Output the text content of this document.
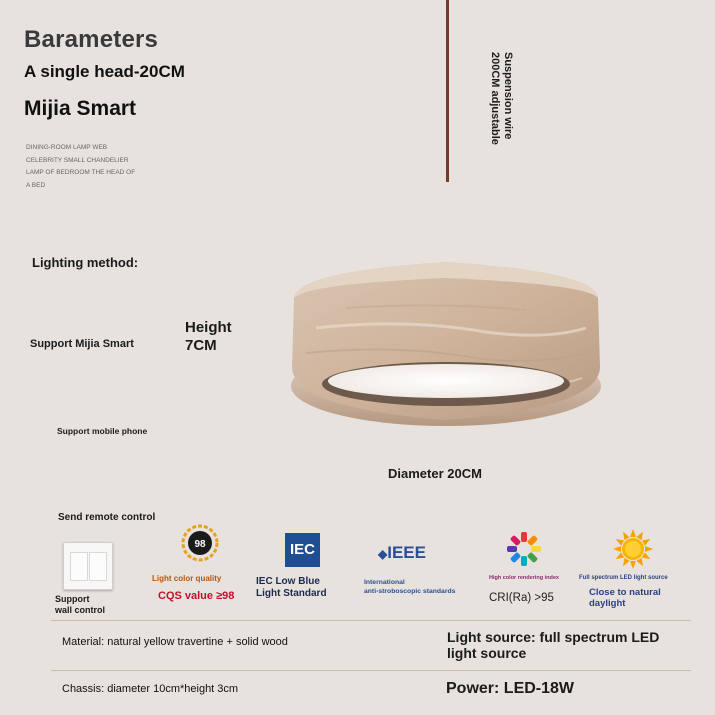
Barameters
A single head-20CM
Mijia Smart
DINING-ROOM LAMP WEB CELEBRITY SMALL CHANDELIER LAMP OF BEDROOM THE HEAD OF A BED
Suspension wire
200CM adjustable
Lighting method:
Support Mijia Smart
Height
7CM
Support mobile phone
Diameter 20CM
Send remote control
Support
wall control
98
Light color quality
CQS value ≥98
IEC
IEC Low Blue
Light Standard
◆IEEE
International
anti-stroboscopic standards
High color rendering index
CRI(Ra) >95
Full spectrum LED light source
Close to natural
daylight
Material: natural yellow travertine + solid wood	Light source: full spectrum LED light source
Chassis: diameter 10cm*height 3cm	Power: LED-18W
